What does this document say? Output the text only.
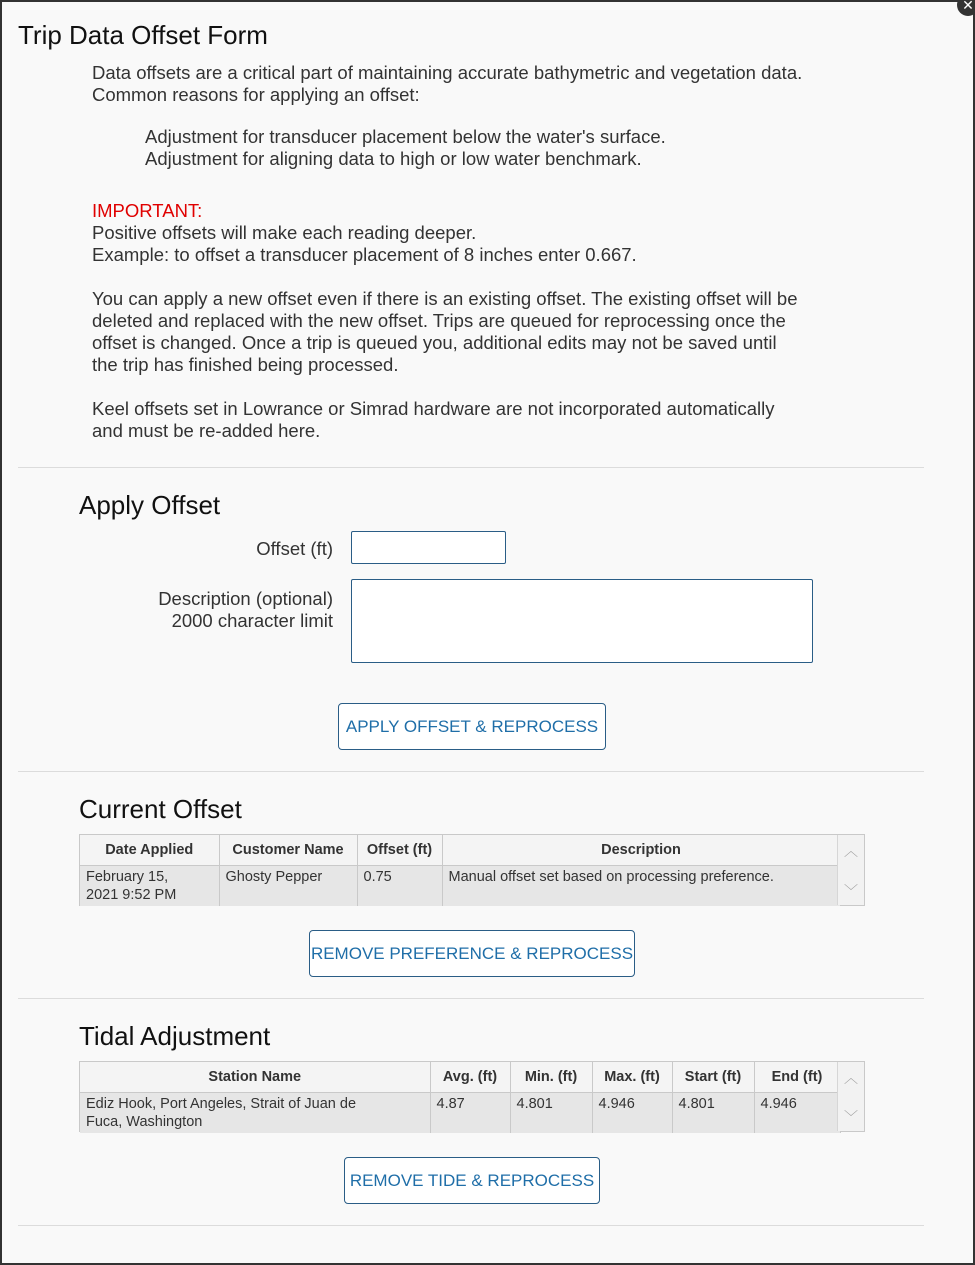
✕
Trip Data Offset Form

Data offsets are a critical part of maintaining accurate bathymetric and vegetation data.

Common reasons for applying an offset:

Adjustment for transducer placement below the water's surface.

Adjustment for aligning data to high or low water benchmark.

IMPORTANT:

Positive offsets will make each reading deeper.

Example: to offset a transducer placement of 8 inches enter 0.667.

You can apply a new offset even if there is an existing offset. The existing offset will be

deleted and replaced with the new offset. Trips are queued for reprocessing once the

offset is changed. Once a trip is queued you, additional edits may not be saved until

the trip has finished being processed.

Keel offsets set in Lowrance or Simrad hardware are not incorporated automatically

and must be re-added here.

Apply Offset
Offset (ft)
Description (optional)
2000 character limit
APPLY OFFSET & REPROCESS
Current Offset
Date Applied	Customer Name	Offset (ft)	Description

February 15,
2021 9:52 PM	Ghosty Pepper	0.75	Manual offset set based on processing preference.
︿
﹀
REMOVE PREFERENCE & REPROCESS
Tidal Adjustment
Station Name	Avg. (ft)	Min. (ft)	Max. (ft)	Start (ft)	End (ft)

Ediz Hook, Port Angeles, Strait of Juan de
Fuca, Washington	4.87	4.801	4.946	4.801	4.946
︿
﹀
REMOVE TIDE & REPROCESS
